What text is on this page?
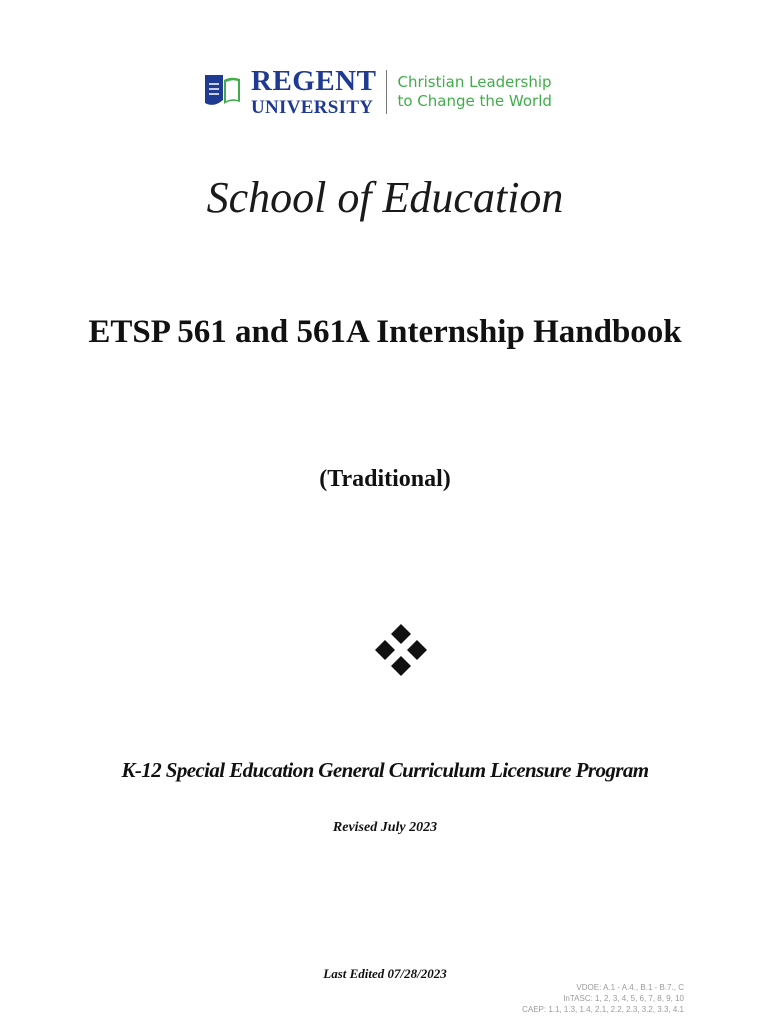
REGENT
UNIVERSITY
Christian Leadership
to Change the World
School of Education
ETSP 561 and 561A Internship Handbook
(Traditional)
K-12 Special Education General Curriculum Licensure Program
Revised July 2023
Last Edited 07/28/2023
VDOE: A.1 - A.4., B.1 - B.7., C
InTASC: 1, 2, 3, 4, 5, 6, 7, 8, 9, 10
CAEP: 1.1, 1.3, 1.4, 2.1, 2.2, 2.3, 3.2, 3.3, 4.1
